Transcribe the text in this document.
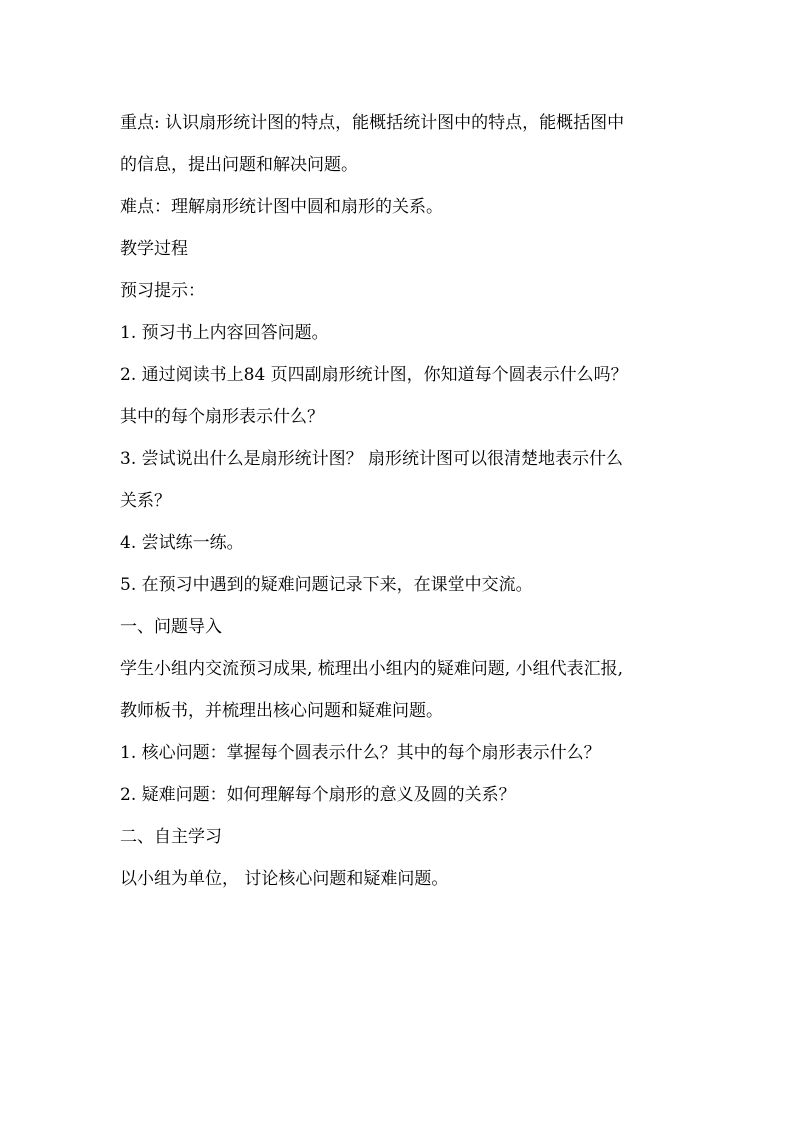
重点: 认识扇形统计图的特点，能概括统计图中的特点，能概括图中
的信息，提出问题和解决问题。
难点：理解扇形统计图中圆和扇形的关系。
教学过程
预习提示：
1. 预习书上内容回答问题。
2. 通过阅读书上84 页四副扇形统计图，你知道每个圆表示什么吗？
其中的每个扇形表示什么？
3. 尝试说出什么是扇形统计图？ 扇形统计图可以很清楚地表示什么
关系？
4. 尝试练一练。
5. 在预习中遇到的疑难问题记录下来，在课堂中交流。
一、问题导入
学生小组内交流预习成果, 梳理出小组内的疑难问题, 小组代表汇报,
教师板书，并梳理出核心问题和疑难问题。
1. 核心问题：掌握每个圆表示什么？其中的每个扇形表示什么？
2. 疑难问题：如何理解每个扇形的意义及圆的关系？
二、自主学习
以小组为单位， 讨论核心问题和疑难问题。
